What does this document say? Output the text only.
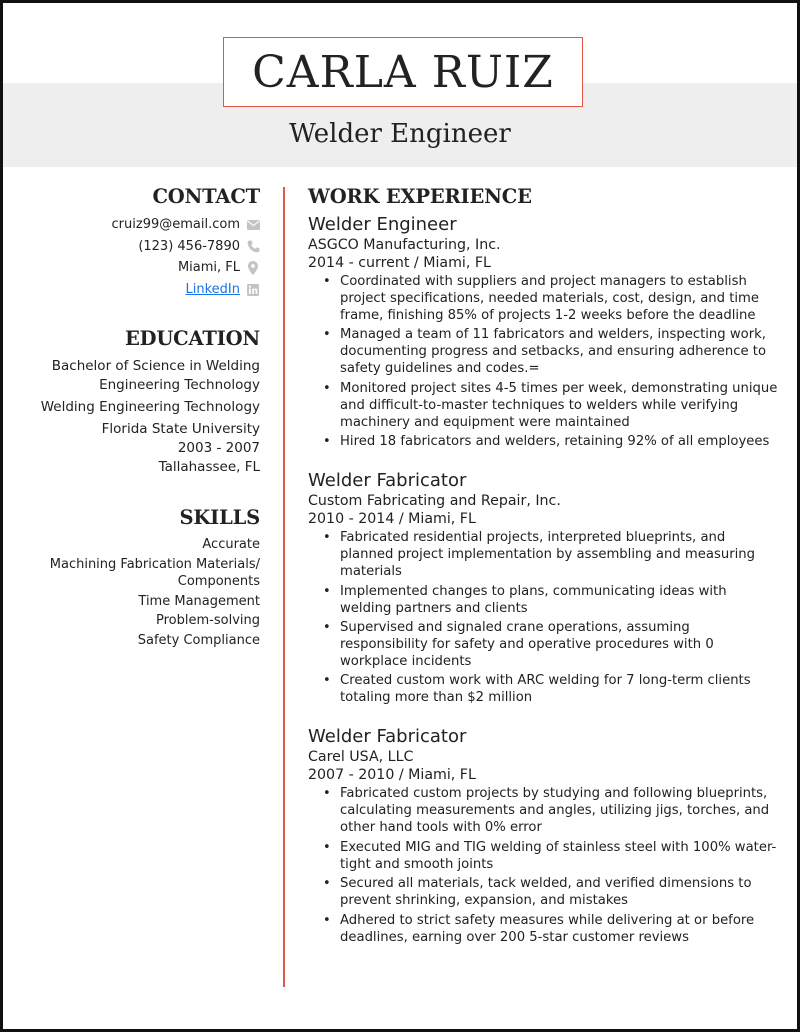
CARLA RUIZ
Welder Engineer
CONTACT
cruiz99@email.com
(123) 456-7890
Miami, FL
LinkedIn
EDUCATION
Bachelor of Science in Welding
Engineering Technology
Welding Engineering Technology
Florida State University
2003 - 2007
Tallahassee, FL
SKILLS
Accurate
Machining Fabrication Materials/ Components
Time Management
Problem-solving
Safety Compliance
WORK EXPERIENCE
Welder Engineer
ASGCO Manufacturing, Inc.
2014 - current / Miami, FL
• Coordinated with suppliers and project managers to establish project specifications, needed materials, cost, design, and time frame, finishing 85% of projects 1-2 weeks before the deadline
• Managed a team of 11 fabricators and welders, inspecting work, documenting progress and setbacks, and ensuring adherence to safety guidelines and codes.=
• Monitored project sites 4-5 times per week, demonstrating unique and difficult-to-master techniques to welders while verifying machinery and equipment were maintained
• Hired 18 fabricators and welders, retaining 92% of all employees
Welder Fabricator
Custom Fabricating and Repair, Inc.
2010 - 2014 / Miami, FL
• Fabricated residential projects, interpreted blueprints, and planned project implementation by assembling and measuring materials
• Implemented changes to plans, communicating ideas with welding partners and clients
• Supervised and signaled crane operations, assuming responsibility for safety and operative procedures with 0 workplace incidents
• Created custom work with ARC welding for 7 long-term clients totaling more than $2 million
Welder Fabricator
Carel USA, LLC
2007 - 2010 / Miami, FL
• Fabricated custom projects by studying and following blueprints, calculating measurements and angles, utilizing jigs, torches, and other hand tools with 0% error
• Executed MIG and TIG welding of stainless steel with 100% water-tight and smooth joints
• Secured all materials, tack welded, and verified dimensions to prevent shrinking, expansion, and mistakes
• Adhered to strict safety measures while delivering at or before deadlines, earning over 200 5-star customer reviews
